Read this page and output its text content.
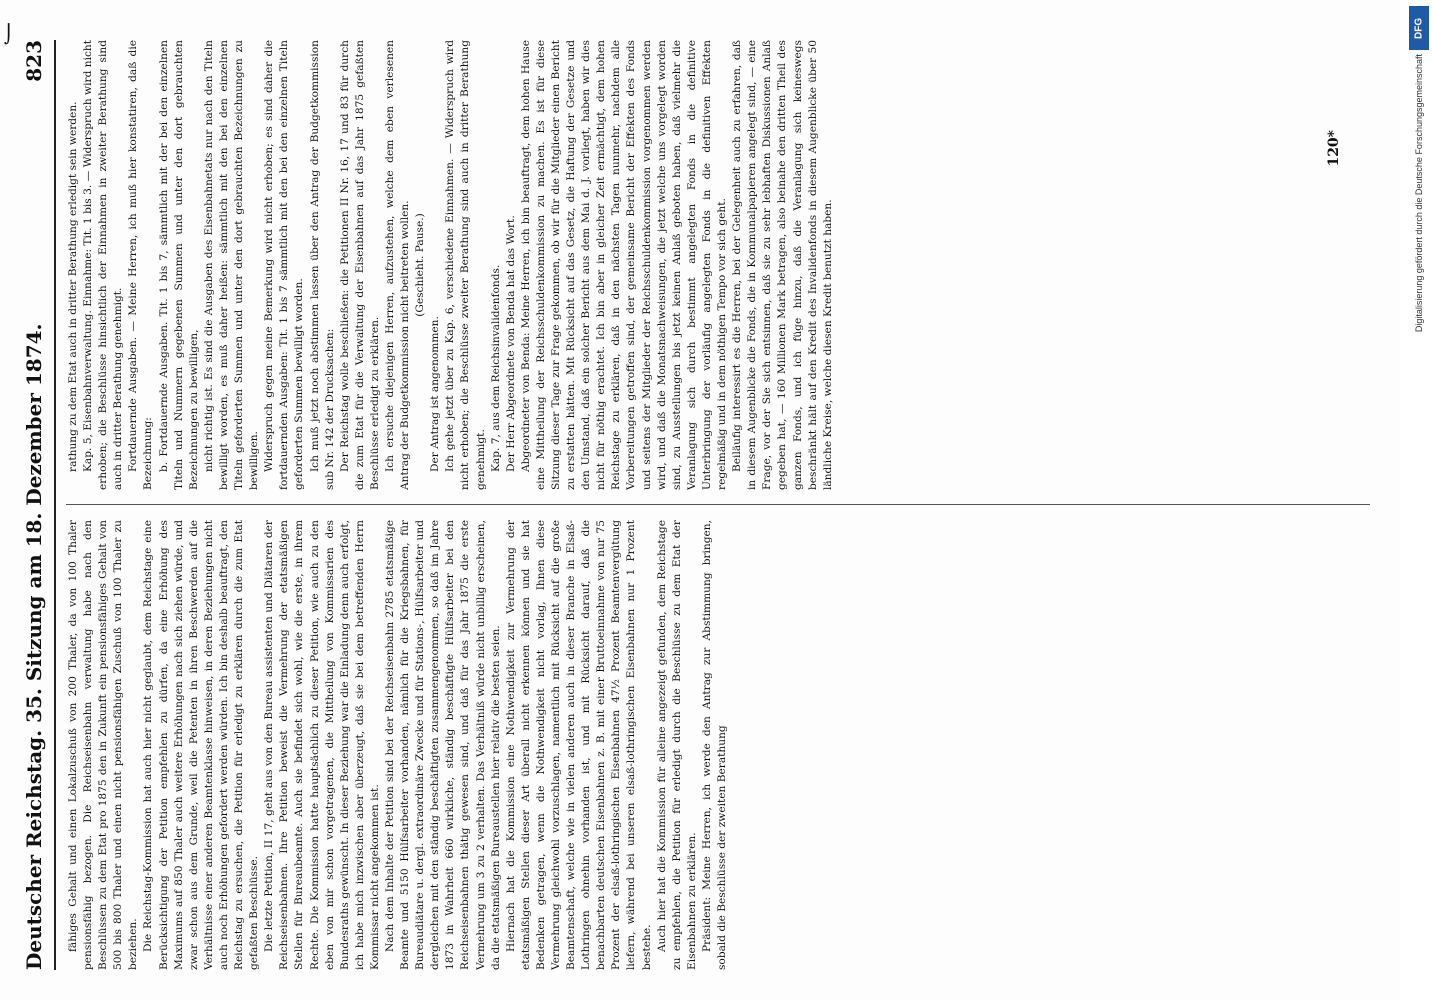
Deutscher Reichstag. 35. Sitzung am 18. Dezember 1874.
823

fähiges Gehalt und einen Lokalzuschuß von 200 Thaler, da von 100 Thaler pensionsfähig bezogen. Die Reichseisenbahn verwaltung habe nach den Beschlüssen zu dem Etat pro 1875 den in Zukunft ein pensionsfähiges Gehalt von 500 bis 800 Thaler und einen nicht pensionsfähigen Zuschuß von 100 Thaler zu beziehen. Die Reichstag-Kommission hat auch hier nicht geglaubt, dem Reichstage eine Berücksichtigung der Petition empfehlen zu dürfen, da eine Erhöhung des Maximums auf 850 Thaler auch weitere Erhöhungen nach sich ziehen würde, und zwar schon aus dem Grunde, weil die Petenten in ihren Beschwerden auf die Verhältnisse einer anderen Beamtenklasse hinweisen, in deren Beziehungen nicht auch noch Erhöhungen gefordert werden würden. Ich bin deshalb beauftragt, den Reichstag zu ersuchen, die Petition für erledigt zu erklären durch die zum Etat gefaßten Beschlüsse. Die letzte Petition, II 17, geht aus von den Bureau assistenten und Diätaren der Reichseisenbahnen. Ihre Petition beweist die Vermehrung der etatsmäßigen Stellen für Bureaubeamte. Auch sie befindet sich wohl, wie die erste, in ihrem Rechte. Die Kommission hatte hauptsächlich zu dieser Petition, wie auch zu den eben von mir schon vorgetragenen, die Mittheilung von Kommissarien des Bundesraths gewünscht. In dieser Beziehung war die Einladung denn auch erfolgt, ich habe mich inzwischen aber überzeugt, daß sie bei dem betreffenden Herrn Kommissar nicht angekommen ist. Nach dem Inhalte der Petition sind bei der Reichseisenbahn 2785 etatsmäßige Beamte und 5150 Hülfsarbeiter vorhanden, nämlich für die Kriegsbahnen, für Bureaudiätare u. dergl. extraordinäre Zwecke und für Stations-, Hülfsarbeiter und dergleichen mit den ständig beschäftigten zusammengenommen, so daß im Jahre 1873 in Wahrheit 660 wirkliche, ständig beschäftigte Hülfsarbeiter bei den Reichseisenbahnen thätig gewesen sind, und daß für das Jahr 1875 die erste Vermehrung um 3 zu 2 verhalten. Das Verhältniß würde nicht unbillig erscheinen, da die etatsmäßigen Bureaustellen hier relativ die besten seien. Hiernach hat die Kommission eine Nothwendigkeit zur Vermehrung der etatsmäßigen Stellen dieser Art überall nicht erkennen können und sie hat Bedenken getragen, wenn die Nothwendigkeit nicht vorlag, Ihnen diese Vermehrung gleichwohl vorzuschlagen, namentlich mit Rücksicht auf die große Beamtenschaft, welche wie in vielen anderen auch in dieser Branche in Elsaß-Lothringen ohnehin vorhanden ist, und mit Rücksicht darauf, daß die benachbarten deutschen Eisenbahnen z. B. mit einer Bruttoeinnahme von nur 75 Prozent der elsaß-lothringischen Eisenbahnen 47½ Prozent Beamtenvergütung liefern, während bei unseren elsaß-lothringischen Eisenbahnen nur 1 Prozent bestehe. Auch hier hat die Kommission für alleine angezeigt gefunden, dem Reichstage zu empfehlen, die Petition für erledigt durch die Beschlüsse zu dem Etat der Eisenbahnen zu erklären. Präsident: Meine Herren, ich werde den Antrag zur Abstimmung bringen, sobald die Beschlüsse der zweiten Berathung

rathung zu dem Etat auch in dritter Berathung erledigt sein werden. Kap. 5, Eisenbahnverwaltung. Einnahme: Tit. 1 bis 3. — Widerspruch wird nicht erhoben; die Beschlüsse hinsichtlich der Einnahmen in zweiter Berathung sind auch in dritter Berathung genehmigt. Fortdauernde Ausgaben. — Meine Herren, ich muß hier konstatiren, daß die Bezeichnung: b. Fortdauernde Ausgaben. Tit. 1 bis 7, sämmtlich mit der bei den einzelnen Titeln und Nummern gegebenen Summen und unter den dort gebrauchten Bezeichnungen zu bewilligen, nicht richtig ist. Es sind die Ausgaben des Eisenbahnetats nur nach den Titeln bewilligt worden, es muß daher heißen: sämmtlich mit den bei den einzelnen Titeln geforderten Summen und unter den dort gebrauchten Bezeichnungen zu bewilligen. Widerspruch gegen meine Bemerkung wird nicht erhoben; es sind daher die fortdauernden Ausgaben: Tit. 1 bis 7 sämmtlich mit den bei den einzelnen Titeln geforderten Summen bewilligt worden. Ich muß jetzt noch abstimmen lassen über den Antrag der Budgetkommission sub Nr. 142 der Drucksachen: Der Reichstag wolle beschließen: die Petitionen II Nr. 16, 17 und 83 für durch die zum Etat für die Verwaltung der Eisenbahnen auf das Jahr 1875 gefaßten Beschlüsse erledigt zu erklären. Ich ersuche diejenigen Herren, aufzustehen, welche dem eben verlesenen Antrag der Budgetkommission nicht beitreten wollen. (Geschieht. Pause.)

Der Antrag ist angenommen. Ich gehe jetzt über zu Kap. 6, verschiedene Einnahmen. — Widerspruch wird nicht erhoben; die Beschlüsse zweiter Berathung sind auch in dritter Berathung genehmigt. Kap. 7, aus dem Reichsinvalidenfonds. Der Herr Abgeordnete von Benda hat das Wort. Abgeordneter von Benda: Meine Herren, ich bin beauftragt, dem hohen Hause eine Mittheilung der Reichsschuldenkommission zu machen. Es ist für diese Sitzung dieser Tage zur Frage gekommen, ob wir für die Mitglieder einen Bericht zu erstatten hätten. Mit Rücksicht auf das Gesetz, die Haftung der Gesetze und den Umstand, daß ein solcher Bericht aus dem Mai d. J. vorliegt, haben wir dies nicht für nöthig erachtet. Ich bin aber in gleicher Zeit ermächtigt, dem hohen Reichstage zu erklären, daß in den nächsten Tagen nunmehr, nachdem alle Vorbereitungen getroffen sind, der gemeinsame Bericht der Effekten des Fonds und seitens der Mitglieder der Reichsschuldenkommission vorgenommen werden wird, und daß die Monatsnachweisungen, die jetzt welche uns vorgelegt worden sind, zu Ausstellungen bis jetzt keinen Anlaß geboten haben, daß vielmehr die Veranlagung sich durch bestimmt angelegten Fonds in die definitive Unterbringung der vorläufig angelegten Fonds in die definitiven Effekten regelmäßig und in dem nöthigen Tempo vor sich geht. Beiläufig interessirt es die Herren, bei der Gelegenheit auch zu erfahren, daß in diesem Augenblicke die Fonds, die in Kommunalpapieren angelegt sind, — eine Frage, vor der Sie sich entsinnen, daß sie zu sehr lebhaften Diskussionen Anlaß gegeben hat, — 160 Millionen Mark betragen, also beinahe den dritten Theil des ganzen Fonds, und ich füge hinzu, daß die Veranlagung sich keineswegs beschränkt hält auf den Kredit des Invalidenfonds in diesem Augenblicke über 50 ländliche Kreise, welche diesen Kredit benutzt haben.

120*
⌡	DFG
Digitalisierung gefördert durch die Deutsche Forschungsgemeinschaft
